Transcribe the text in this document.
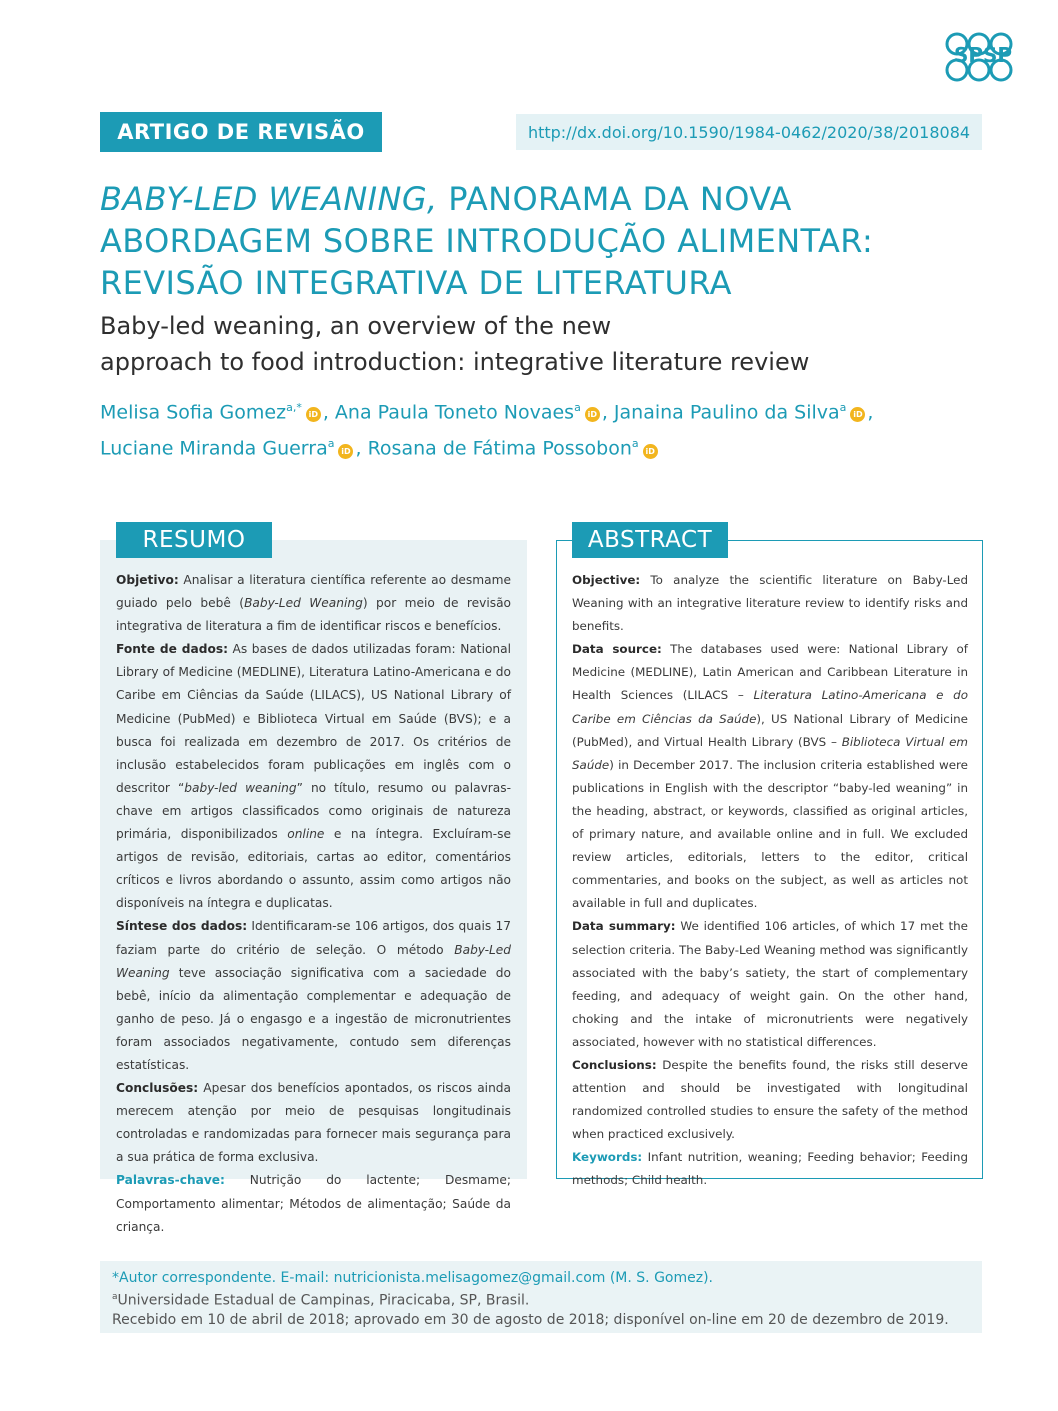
SPSP
ARTIGO DE REVISÃO	http://dx.doi.org/10.1590/1984-0462/2020/38/2018084
BABY-LED WEANING, PANORAMA DA NOVA ABORDAGEM SOBRE INTRODUÇÃO ALIMENTAR: REVISÃO INTEGRATIVA DE LITERATURA
Baby-led weaning, an overview of the new
approach to food introduction: integrative literature review
Melisa Sofia Gomez$^{a,*}$iD , Ana Paula Toneto Novaes$^a$iD , Janaina Paulino da Silva$^a$iD ,
Luciane Miranda Guerra$^a$iD , Rosana de Fátima Possobon$^a$iD
RESUMO

Objetivo: Analisar a literatura científica referente ao desmame guiado pelo bebê (Baby-Led Weaning) por meio de revisão integrativa de literatura a fim de identificar riscos e benefícios.

Fonte de dados: As bases de dados utilizadas foram: National Library of Medicine (MEDLINE), Literatura Latino-Americana e do Caribe em Ciências da Saúde (LILACS), US National Library of Medicine (PubMed) e Biblioteca Virtual em Saúde (BVS); e a busca foi realizada em dezembro de 2017. Os critérios de inclusão estabelecidos foram publicações em inglês com o descritor “baby-led weaning” no título, resumo ou palavras-chave em artigos classificados como originais de natureza primária, disponibilizados online e na íntegra. Excluíram-se artigos de revisão, editoriais, cartas ao editor, comentários críticos e livros abordando o assunto, assim como artigos não disponíveis na íntegra e duplicatas.

Síntese dos dados: Identificaram-se 106 artigos, dos quais 17 faziam parte do critério de seleção. O método Baby-Led Weaning teve associação significativa com a saciedade do bebê, início da alimentação complementar e adequação de ganho de peso. Já o engasgo e a ingestão de micronutrientes foram associados negativamente, contudo sem diferenças estatísticas.

Conclusões: Apesar dos benefícios apontados, os riscos ainda merecem atenção por meio de pesquisas longitudinais controladas e randomizadas para fornecer mais segurança para a sua prática de forma exclusiva.

Palavras-chave: Nutrição do lactente; Desmame; Comportamento alimentar; Métodos de alimentação; Saúde da criança.

ABSTRACT

Objective: To analyze the scientific literature on Baby-Led Weaning with an integrative literature review to identify risks and benefits.

Data source: The databases used were: National Library of Medicine (MEDLINE), Latin American and Caribbean Literature in Health Sciences (LILACS – Literatura Latino-Americana e do Caribe em Ciências da Saúde), US National Library of Medicine (PubMed), and Virtual Health Library (BVS – Biblioteca Virtual em Saúde) in December 2017. The inclusion criteria established were publications in English with the descriptor “baby-led weaning” in the heading, abstract, or keywords, classified as original articles, of primary nature, and available online and in full. We excluded review articles, editorials, letters to the editor, critical commentaries, and books on the subject, as well as articles not available in full and duplicates.

Data summary: We identified 106 articles, of which 17 met the selection criteria. The Baby-Led Weaning method was significantly associated with the baby’s satiety, the start of complementary feeding, and adequacy of weight gain. On the other hand, choking and the intake of micronutrients were negatively associated, however with no statistical differences.

Conclusions: Despite the benefits found, the risks still deserve attention and should be investigated with longitudinal randomized controlled studies to ensure the safety of the method when practiced exclusively.

Keywords: Infant nutrition, weaning; Feeding behavior; Feeding methods; Child health.

*Autor correspondente. E-mail: nutricionista.melisagomez@gmail.com (M. S. Gomez).
$^a$Universidade Estadual de Campinas, Piracicaba, SP, Brasil.
Recebido em 10 de abril de 2018; aprovado em 30 de agosto de 2018; disponível on-line em 20 de dezembro de 2019.
